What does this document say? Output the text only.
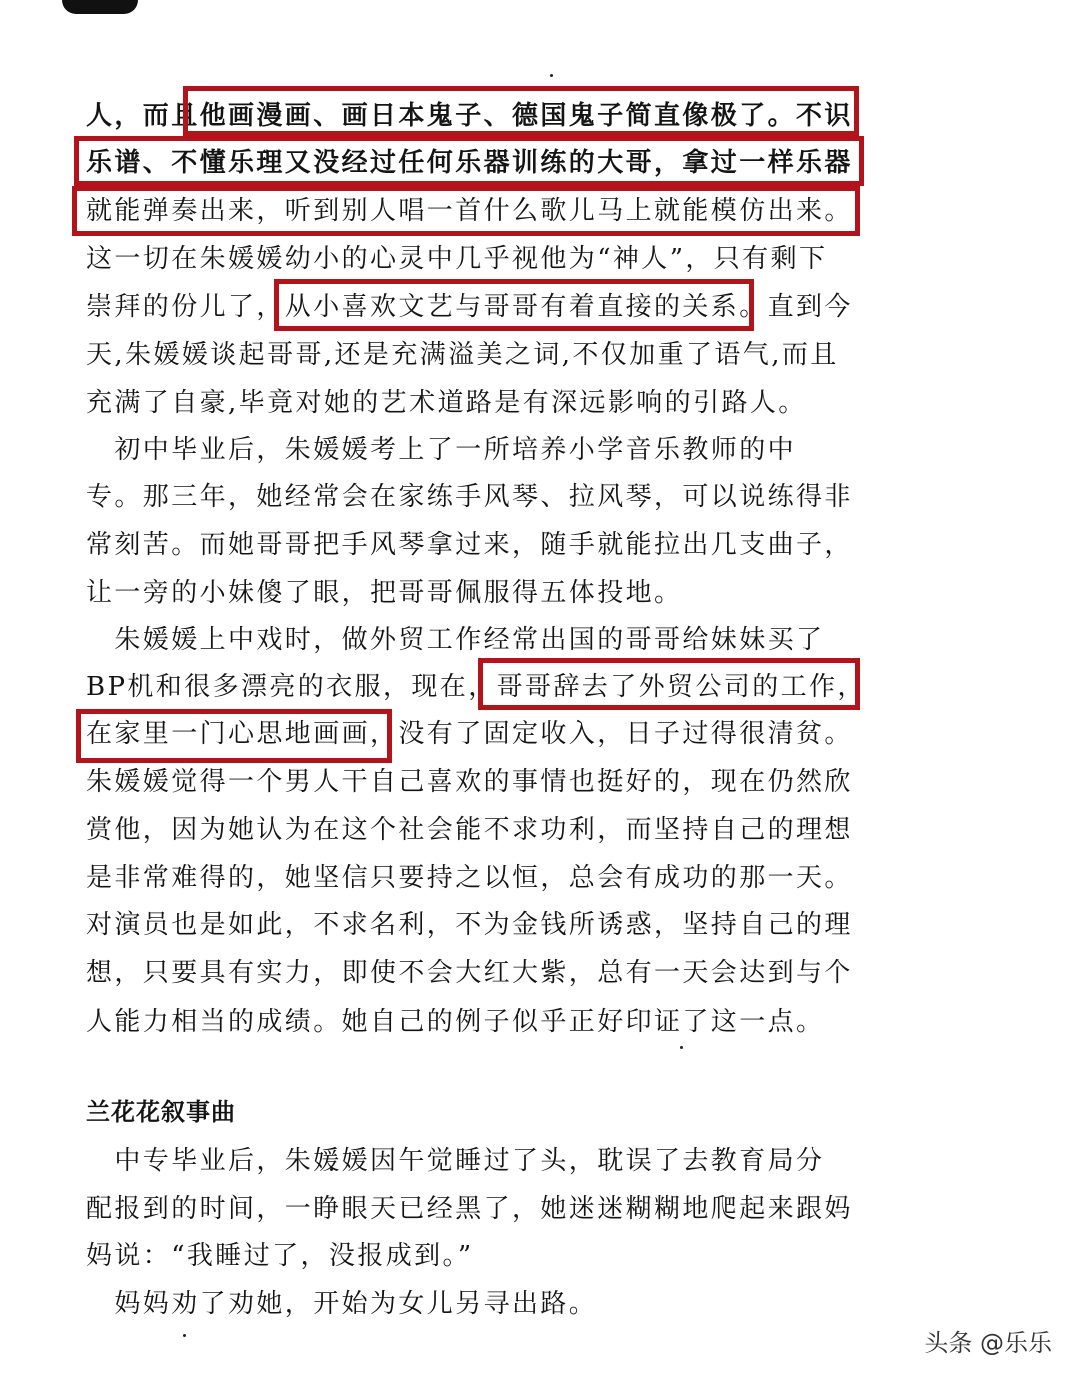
人，而且他画漫画、画日本鬼子、德国鬼子简直像极了。不识
乐谱、不懂乐理又没经过任何乐器训练的大哥，拿过一样乐器
就能弹奏出来，听到别人唱一首什么歌儿马上就能模仿出来。
这一切在朱媛媛幼小的心灵中几乎视他为“神人”，只有剩下
崇拜的份儿了，从小喜欢文艺与哥哥有着直接的关系。直到今
天,朱媛媛谈起哥哥,还是充满溢美之词,不仅加重了语气,而且
充满了自豪,毕竟对她的艺术道路是有深远影响的引路人。
　初中毕业后，朱媛媛考上了一所培养小学音乐教师的中
专。那三年，她经常会在家练手风琴、拉风琴，可以说练得非
常刻苦。而她哥哥把手风琴拿过来，随手就能拉出几支曲子，
让一旁的小妹傻了眼，把哥哥佩服得五体投地。
　朱媛媛上中戏时，做外贸工作经常出国的哥哥给妹妹买了
BP机和很多漂亮的衣服，现在，哥哥辞去了外贸公司的工作，
在家里一门心思地画画，没有了固定收入，日子过得很清贫。
朱媛媛觉得一个男人干自己喜欢的事情也挺好的，现在仍然欣
赏他，因为她认为在这个社会能不求功利，而坚持自己的理想
是非常难得的，她坚信只要持之以恒，总会有成功的那一天。
对演员也是如此，不求名利，不为金钱所诱惑，坚持自己的理
想，只要具有实力，即使不会大红大紫，总有一天会达到与个
人能力相当的成绩。她自己的例子似乎正好印证了这一点。
兰花花叙事曲
　中专毕业后，朱媛媛因午觉睡过了头，耽误了去教育局分
配报到的时间，一睁眼天已经黑了，她迷迷糊糊地爬起来跟妈
妈说：“我睡过了，没报成到。”
　妈妈劝了劝她，开始为女儿另寻出路。
头条 @乐乐
